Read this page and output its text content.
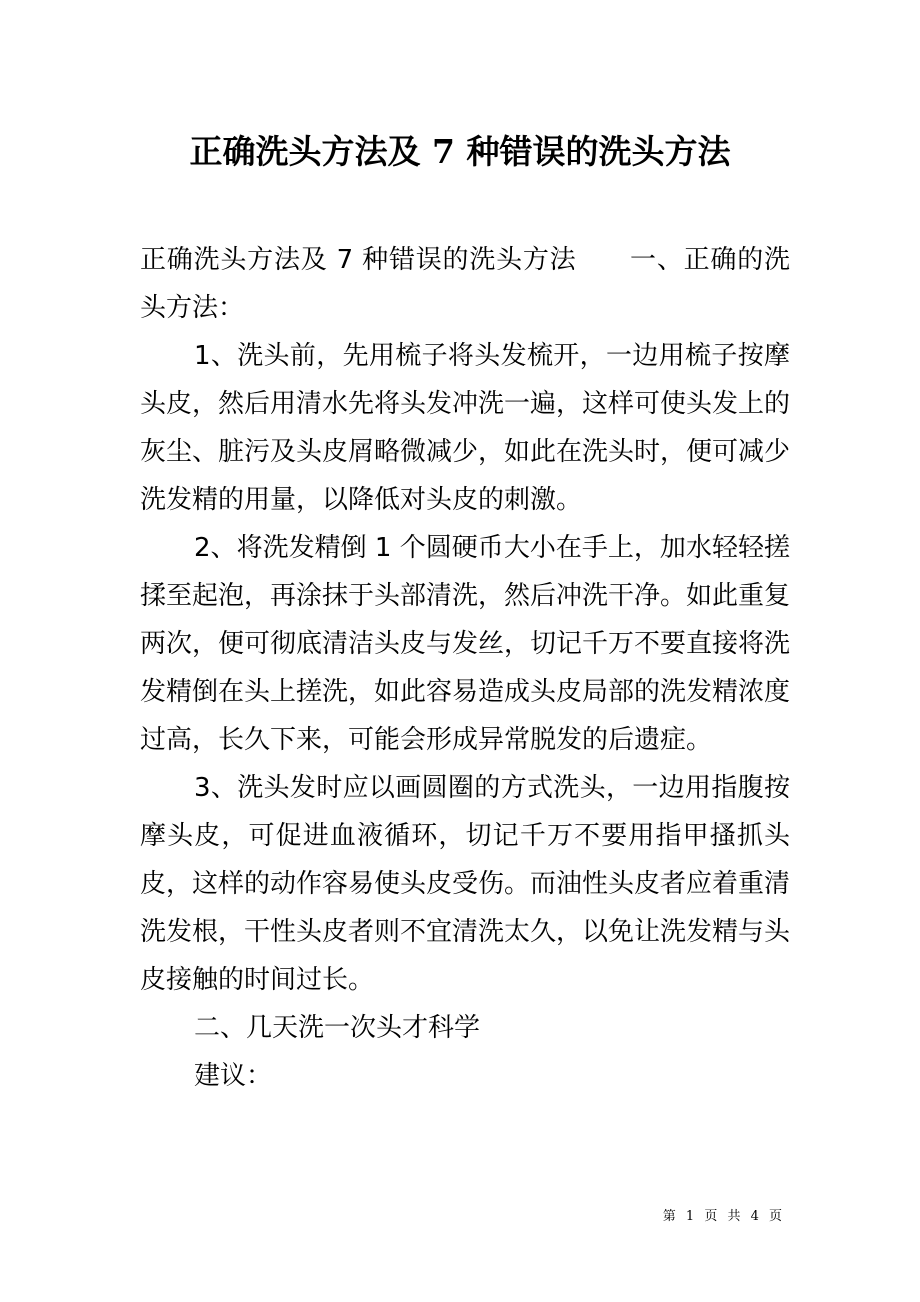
正确洗头方法及 7 种错误的洗头方法

正确洗头方法及 7 种错误的洗头方法　　一、正确的洗头方法：

1、洗头前，先用梳子将头发梳开，一边用梳子按摩头皮，然后用清水先将头发冲洗一遍，这样可使头发上的灰尘、脏污及头皮屑略微减少，如此在洗头时，便可减少洗发精的用量，以降低对头皮的刺激。

2、将洗发精倒 1 个圆硬币大小在手上，加水轻轻搓揉至起泡，再涂抹于头部清洗，然后冲洗干净。如此重复两次，便可彻底清洁头皮与发丝，切记千万不要直接将洗发精倒在头上搓洗，如此容易造成头皮局部的洗发精浓度过高，长久下来，可能会形成异常脱发的后遗症。

3、洗头发时应以画圆圈的方式洗头，一边用指腹按摩头皮，可促进血液循环，切记千万不要用指甲搔抓头皮，这样的动作容易使头皮受伤。而油性头皮者应着重清洗发根，干性头皮者则不宜清洗太久，以免让洗发精与头皮接触的时间过长。

二、几天洗一次头才科学

建议：

第 1 页 共 4 页
